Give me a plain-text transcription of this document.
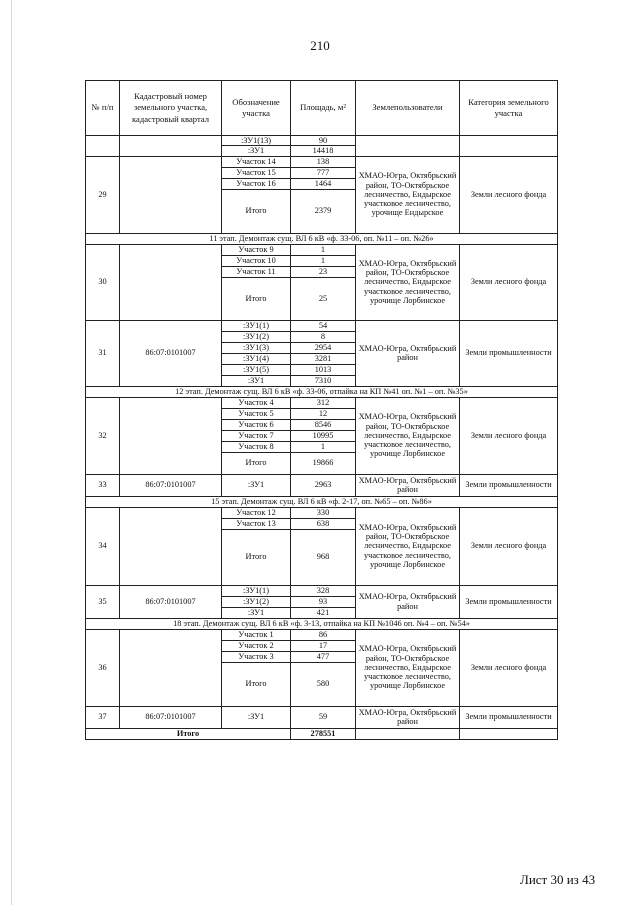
210
№ п/п	Кадастровый номер земельного участка, кадастровый квартал	Обозначение участка	Площадь, м²	Землепользователи	Категория земельного участка
		:ЗУ1(13)	90		
		:ЗУ1	14418		
29		Участок 14	138	ХМАО-Югра, Октябрьский район, ТО-Октябрьское лесничество, Ендырское участковое лесничество, урочище Ендырское	Земли лесного фонда
		Участок 15	777		
		Участок 16	1464		
		Итого	2379		
11 этап. Демонтаж сущ. ВЛ 6 кВ «ф. 33-06, оп. №11 – оп. №26»					
30		Участок 9	1	ХМАО-Югра, Октябрьский район, ТО-Октябрьское лесничество, Ендырское участковое лесничество, урочище Лорбинское	Земли лесного фонда
		Участок 10	1		
		Участок 11	23		
		Итого	25		
31	86:07:0101007	:ЗУ1(1)	54	ХМАО-Югра, Октябрьский район	Земли промышленности
		:ЗУ1(2)	8		
		:ЗУ1(3)	2954		
		:ЗУ1(4)	3281		
		:ЗУ1(5)	1013		
		:ЗУ1	7310		
12 этап. Демонтаж сущ. ВЛ 6 кВ «ф. 33-06, отпайка на КП №41 оп. №1 – оп. №35»					
32		Участок 4	312	ХМАО-Югра, Октябрьский район, ТО-Октябрьское лесничество, Ендырское участковое лесничество, урочище Лорбинское	Земли лесного фонда
		Участок 5	12		
		Участок 6	8546		
		Участок 7	10995		
		Участок 8	1		
		Итого	19866		
33	86:07:0101007	:ЗУ1	2963	ХМАО-Югра, Октябрьский район	Земли промышленности
15 этап. Демонтаж сущ. ВЛ 6 кВ «ф. 2-17, оп. №65 – оп. №86»					
34		Участок 12	330	ХМАО-Югра, Октябрьский район, ТО-Октябрьское лесничество, Ендырское участковое лесничество, урочище Лорбинское	Земли лесного фонда
		Участок 13	638		
		Итого	968		
35	86:07:0101007	:ЗУ1(1)	328	ХМАО-Югра, Октябрьский район	Земли промышленности
		:ЗУ1(2)	93		
		:ЗУ1	421		
18 этап. Демонтаж сущ. ВЛ 6 кВ «ф. 3-13, отпайка на КП №1046 оп. №4 – оп. №54»					
36		Участок 1	86	ХМАО-Югра, Октябрьский район, ТО-Октябрьское лесничество, Ендырское участковое лесничество, урочище Лорбинское	Земли лесного фонда
		Участок 2	17		
		Участок 3	477		
		Итого	580		
37	86:07:0101007	:ЗУ1	59	ХМАО-Югра, Октябрьский район	Земли промышленности
Итого			278551		
Лист 30 из 43
